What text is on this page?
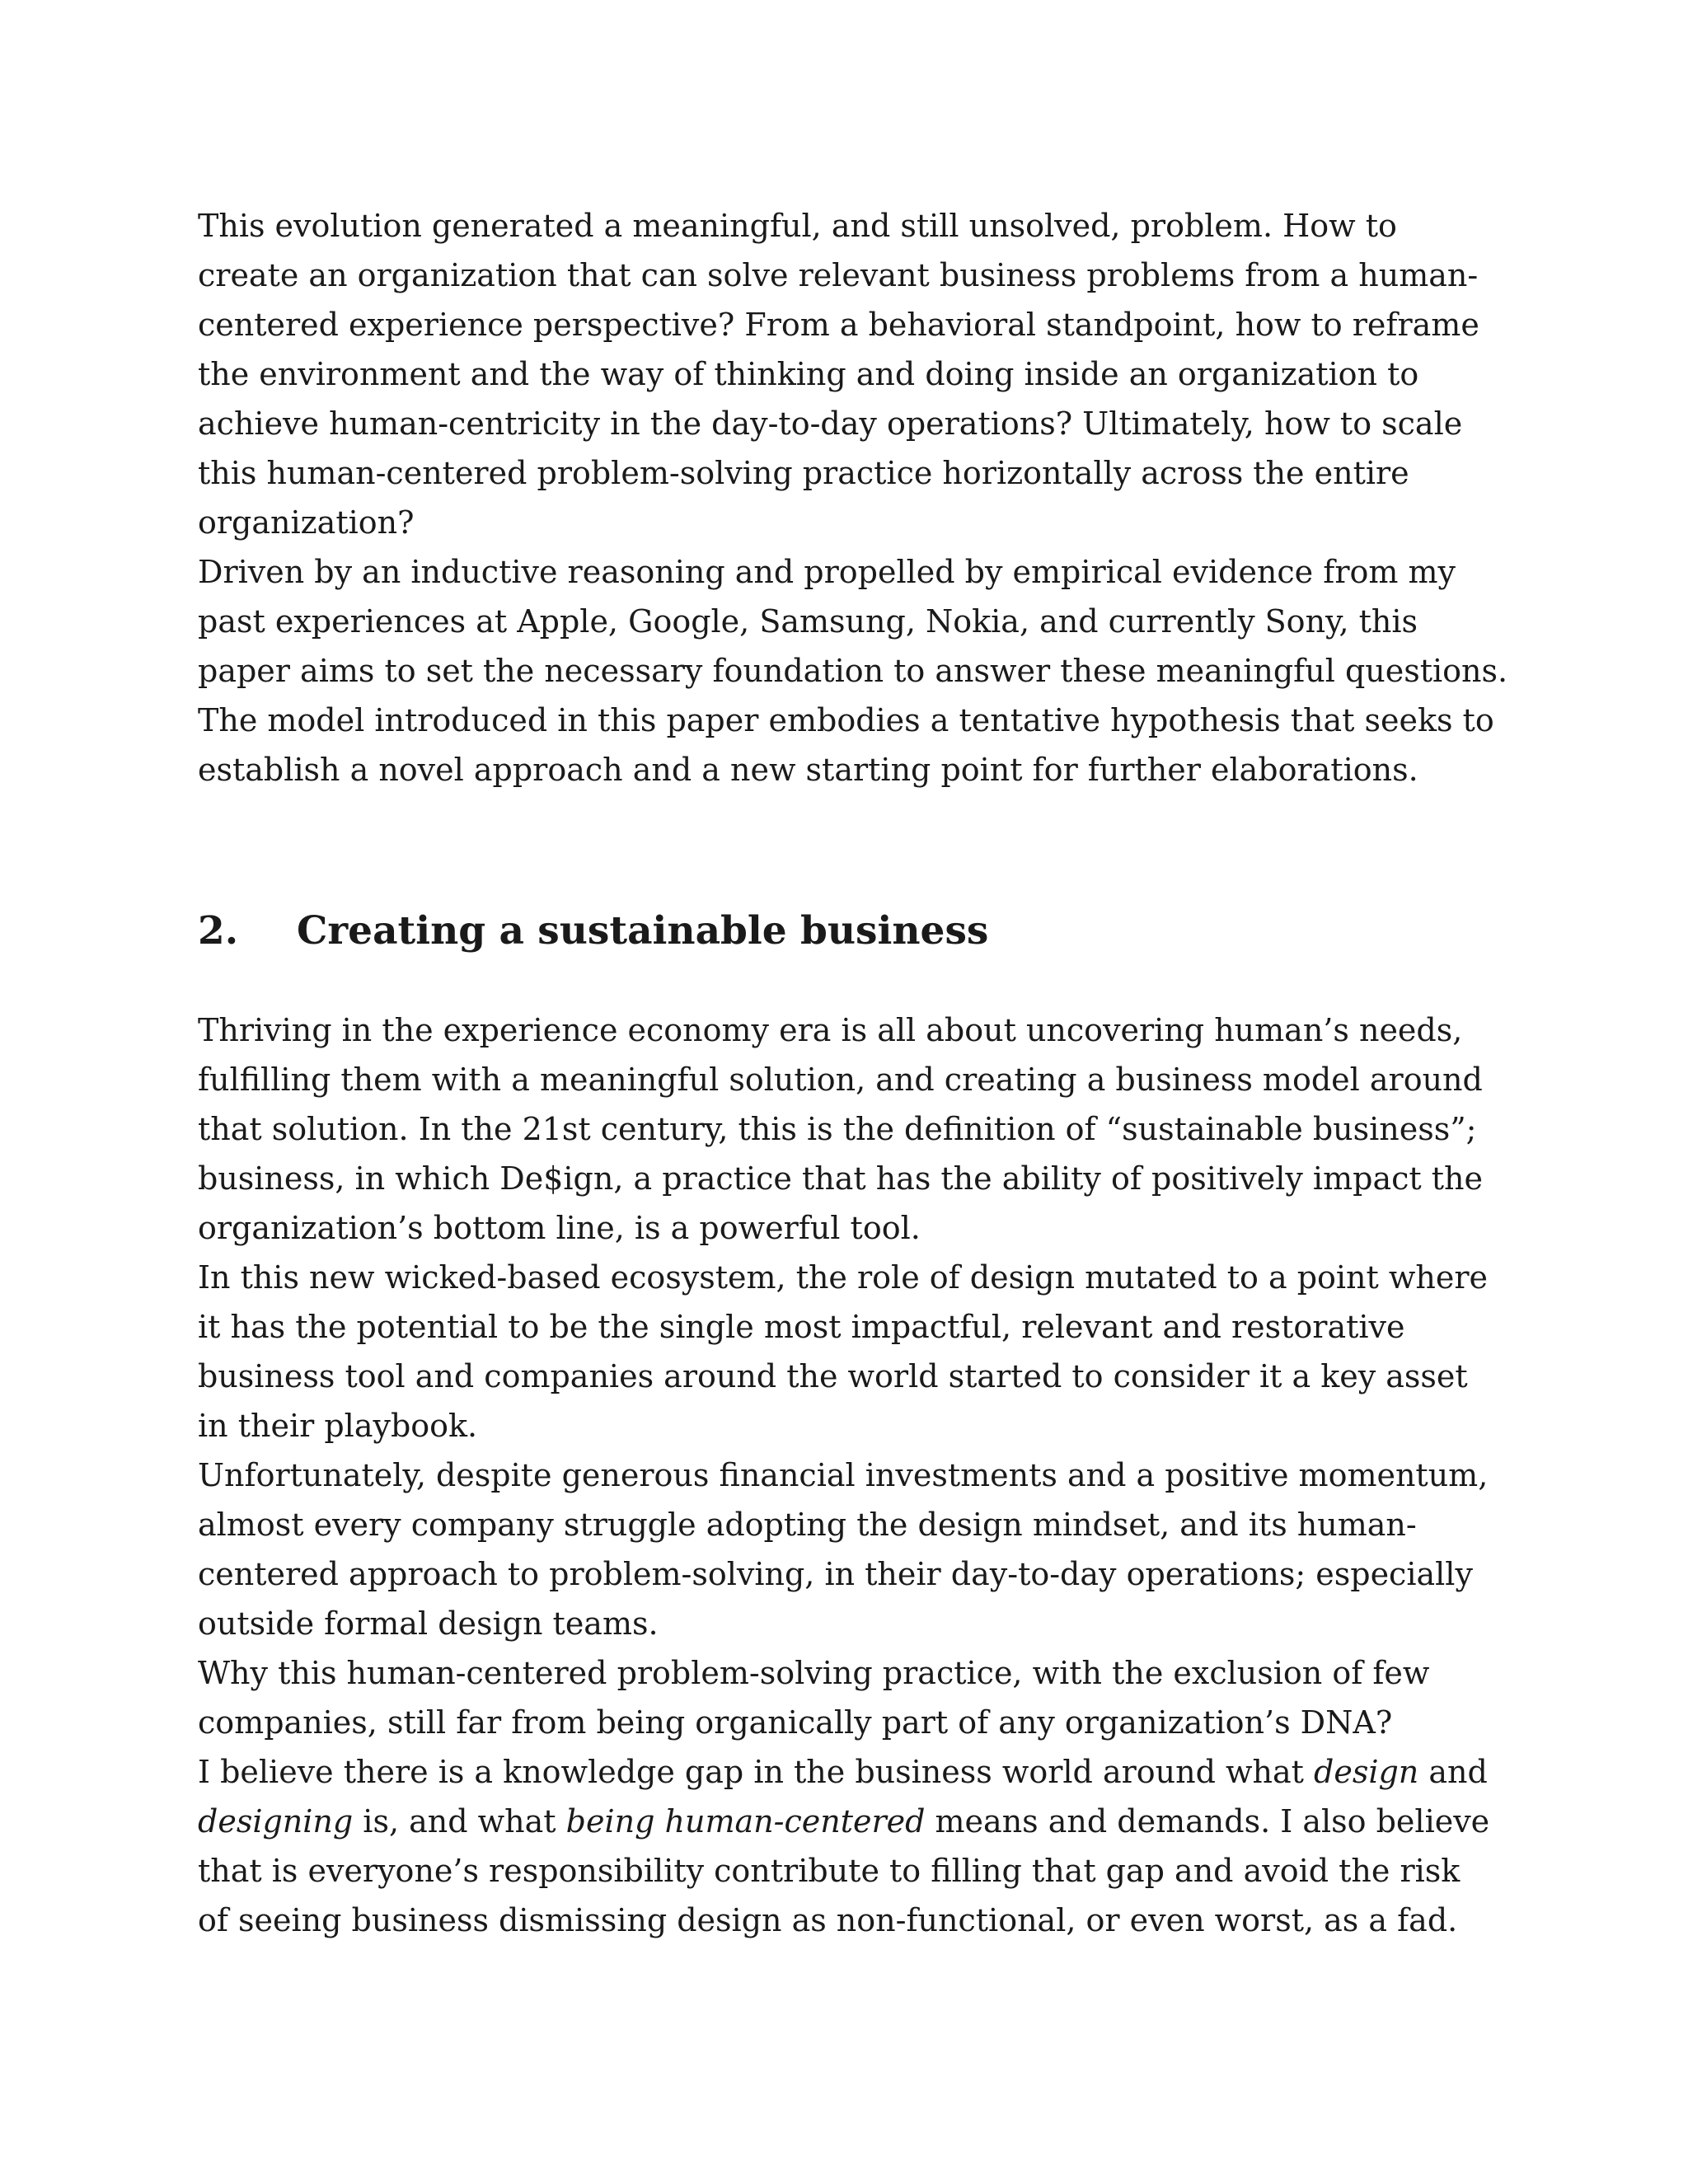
This evolution generated a meaningful, and still unsolved, problem. How to
create an organization that can solve relevant business problems from a human-
centered experience perspective? From a behavioral standpoint, how to reframe
the environment and the way of thinking and doing inside an organization to
achieve human-centricity in the day-to-day operations? Ultimately, how to scale
this human-centered problem-solving practice horizontally across the entire
organization?
Driven by an inductive reasoning and propelled by empirical evidence from my
past experiences at Apple, Google, Samsung, Nokia, and currently Sony, this
paper aims to set the necessary foundation to answer these meaningful questions.
The model introduced in this paper embodies a tentative hypothesis that seeks to
establish a novel approach and a new starting point for further elaborations.
2. Creating a sustainable business
Thriving in the experience economy era is all about uncovering human’s needs,
fulfilling them with a meaningful solution, and creating a business model around
that solution. In the 21st century, this is the definition of “sustainable business”;
business, in which De$ign, a practice that has the ability of positively impact the
organization’s bottom line, is a powerful tool.
In this new wicked-based ecosystem, the role of design mutated to a point where
it has the potential to be the single most impactful, relevant and restorative
business tool and companies around the world started to consider it a key asset
in their playbook.
Unfortunately, despite generous financial investments and a positive momentum,
almost every company struggle adopting the design mindset, and its human-
centered approach to problem-solving, in their day-to-day operations; especially
outside formal design teams.
Why this human-centered problem-solving practice, with the exclusion of few
companies, still far from being organically part of any organization’s DNA?
I believe there is a knowledge gap in the business world around what design and
designing is, and what being human-centered means and demands. I also believe
that is everyone’s responsibility contribute to filling that gap and avoid the risk
of seeing business dismissing design as non-functional, or even worst, as a fad.
